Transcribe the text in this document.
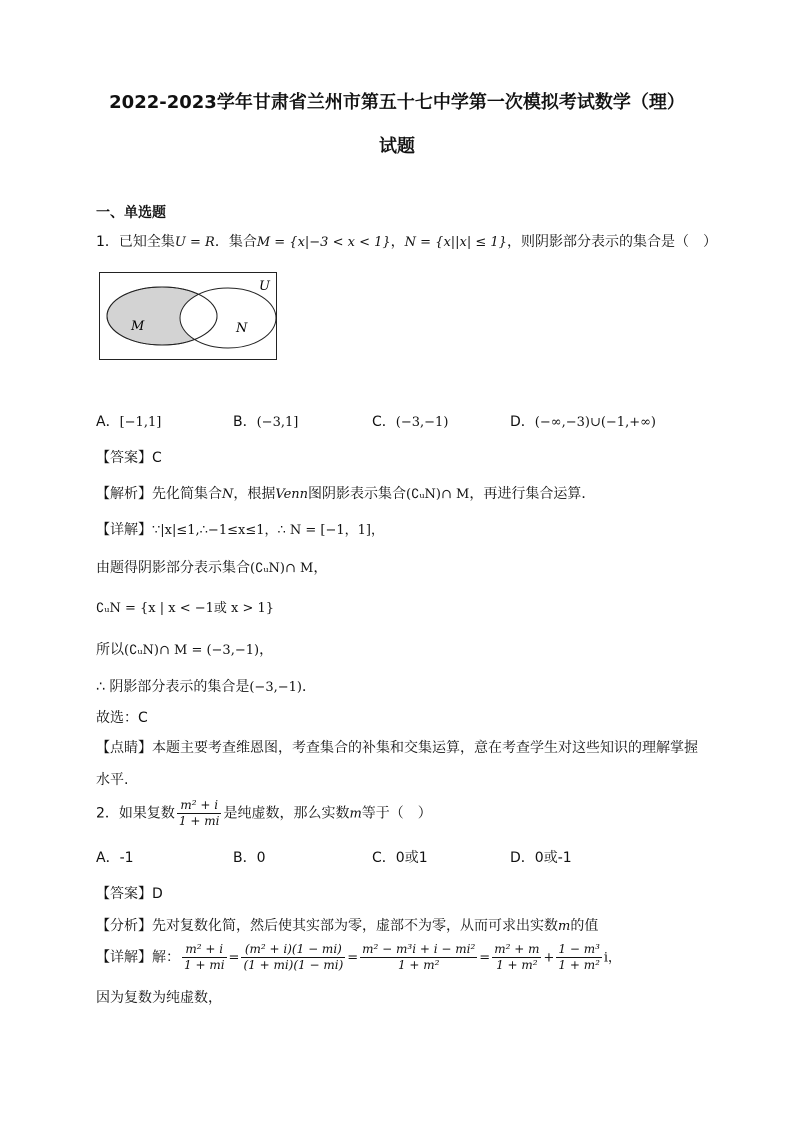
2022-2023学年甘肃省兰州市第五十七中学第一次模拟考试数学（理）
试题
一、单选题
1．已知全集U = R．集合M = {x|−3 < x < 1}，N = {x||x| ≤ 1}，则阴影部分表示的集合是（　）
U
M	N
A．[−1,1]	B．(−3,1]	C．(−3,−1)	D．(−∞,−3)∪(−1,+∞)
【答案】C
【解析】先化简集合N，根据Venn图阴影表示集合(∁ᵤN)∩ M，再进行集合运算．
【详解】∵|x|≤1,∴−1≤x≤1，∴ N = [−1，1]，
由题得阴影部分表示集合(∁ᵤN)∩ M，
∁ᵤN = {x | x < −1或 x > 1}
所以(∁ᵤN)∩ M = (−3,−1)，
∴ 阴影部分表示的集合是(−3,−1)．
故选：C
【点睛】本题主要考查维恩图，考查集合的补集和交集运算，意在考查学生对这些知识的理解掌握
水平.
2．如果复数 $\frac{\text{m² + i}}{1 + mi}$ 是纯虚数，那么实数m等于（　）
A．-1	B．0	C．0或1	D．0或-1
【答案】D
【分析】先对复数化简，然后使其实部为零，虚部不为零，从而可求出实数m的值
【详解】解： $\frac{\text{m² + i}}{1 + mi} = \frac{\text{(m² + i)(1 − mi)}}{(1 + mi)(1 - mi)} = \frac{\text{m² − m³i + i − mi²}}{\text{1 + m²}} = \frac{\text{m² + m}}{\text{1 + m²}} + \frac{\text{1 − m³}}{\text{1 + m²}}$ i，
因为复数为纯虚数，
